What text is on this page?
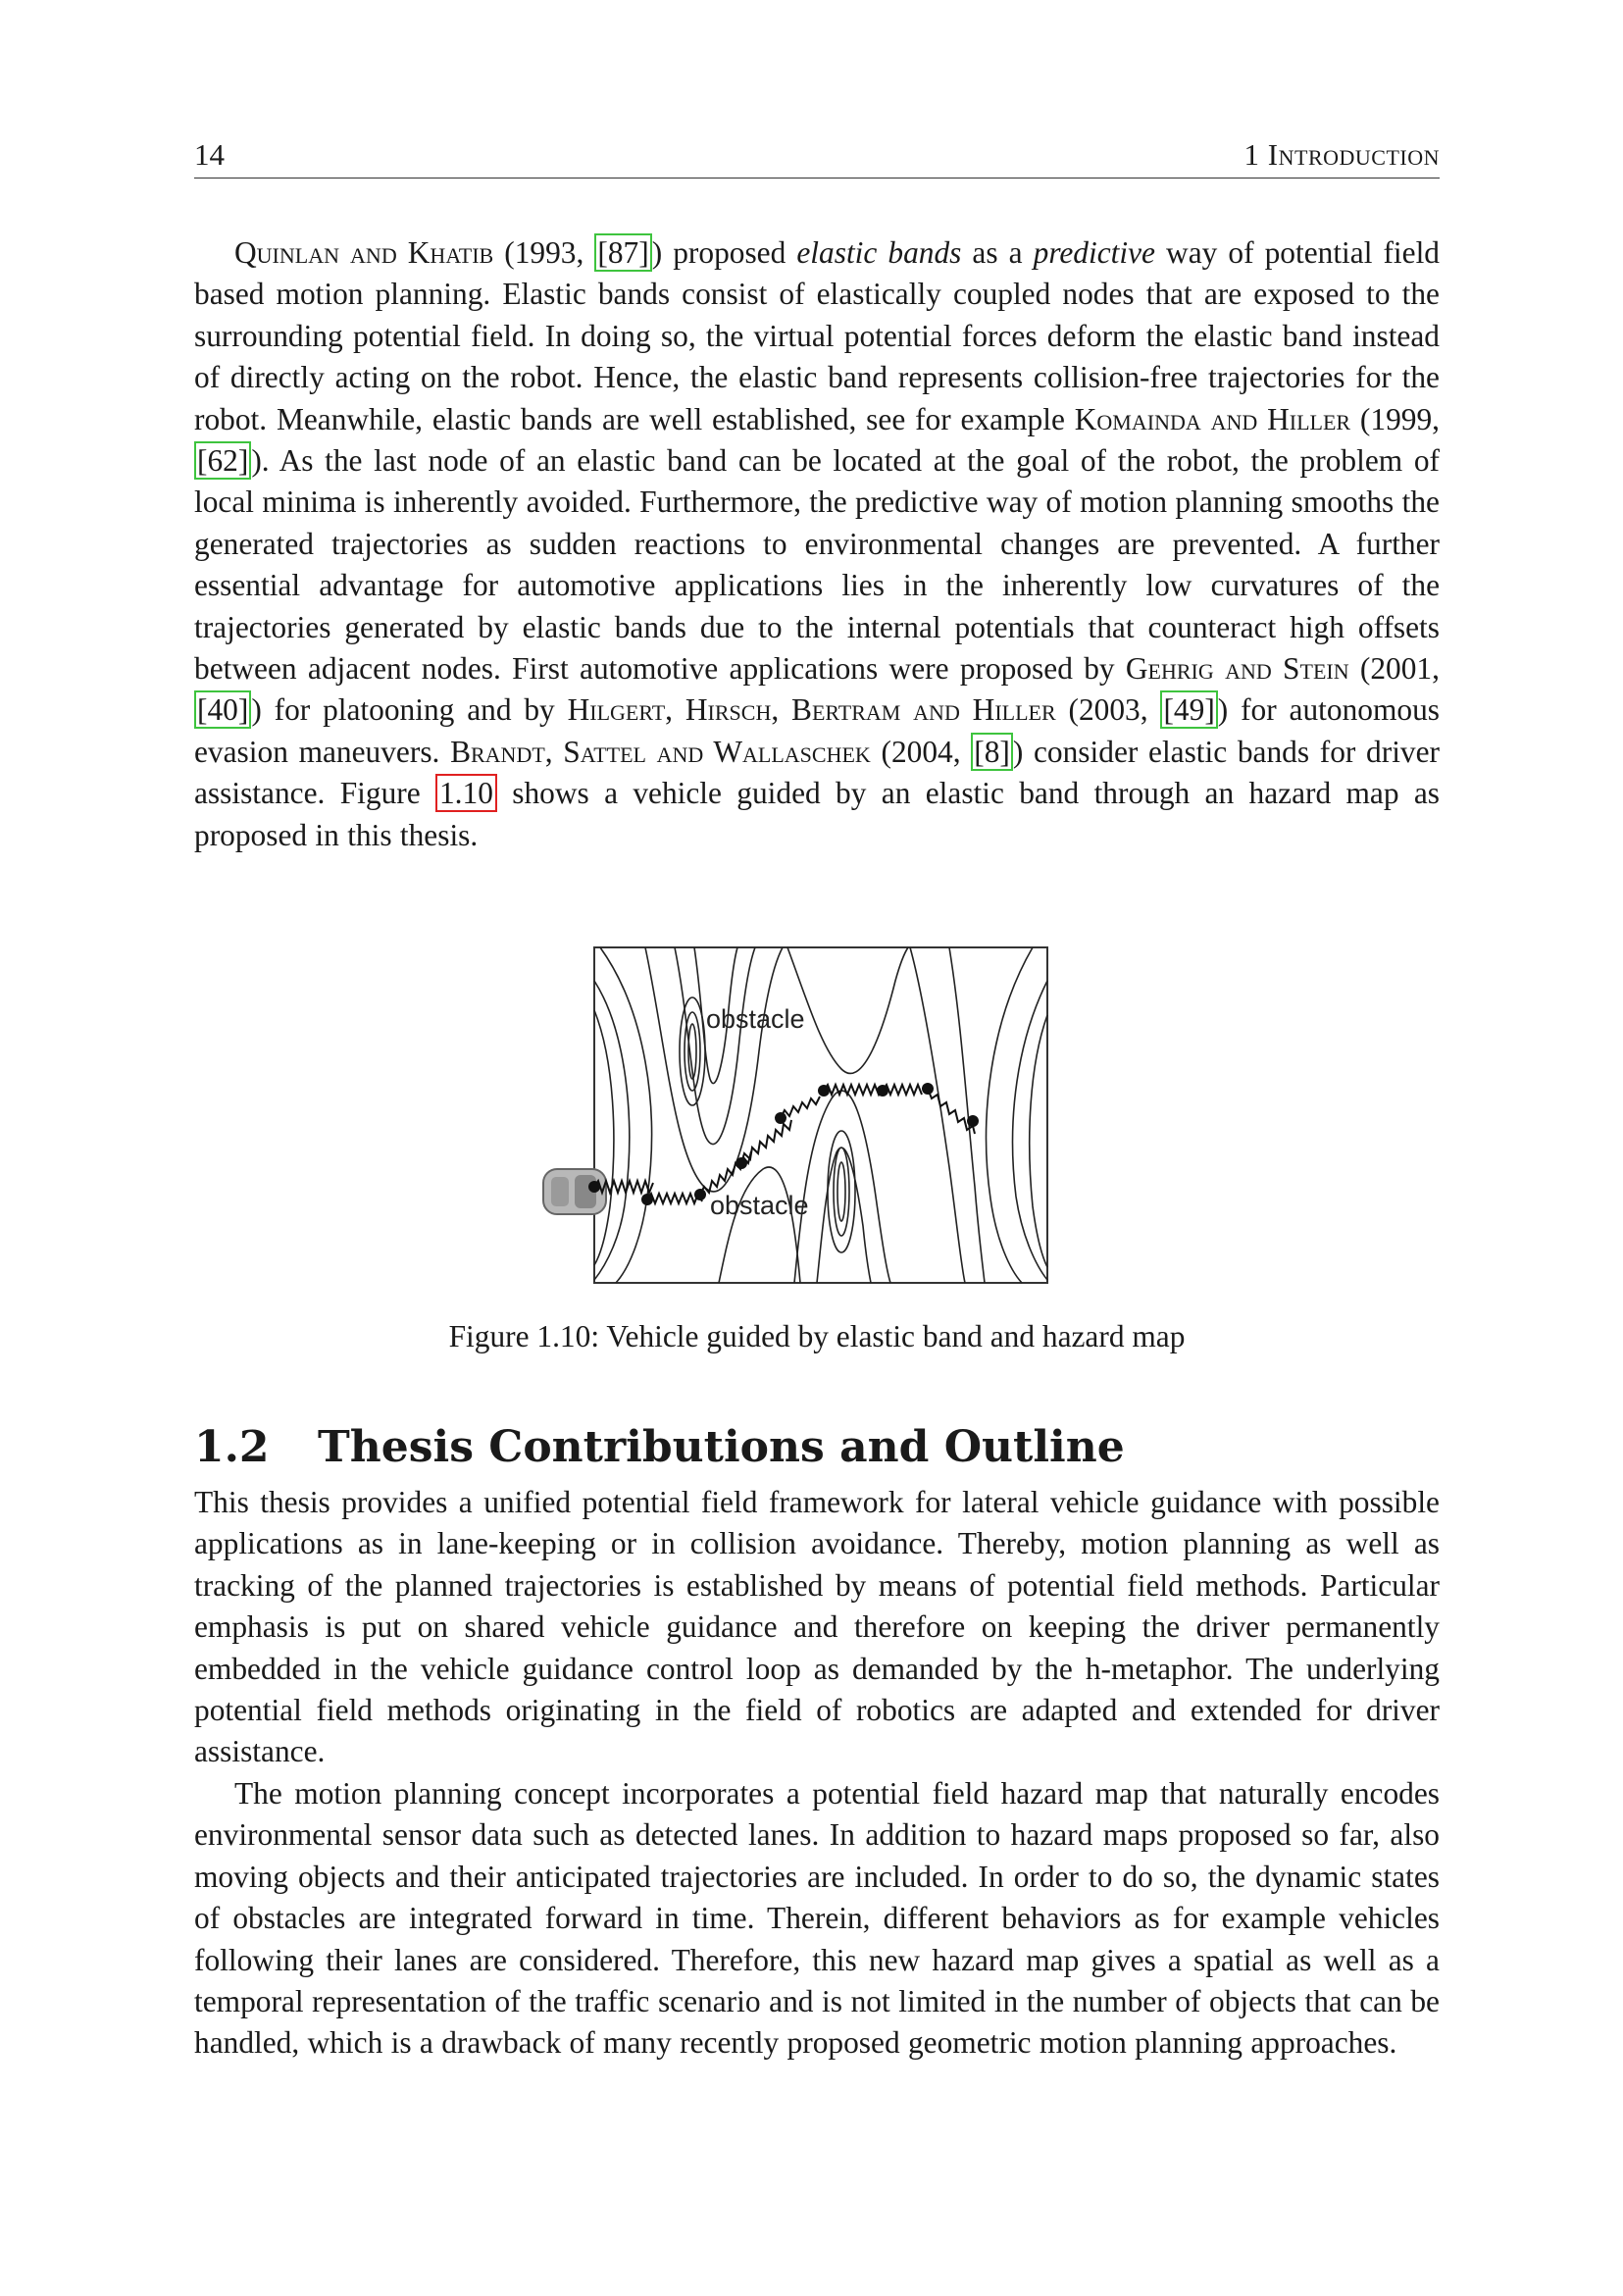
14	1 Introduction

Quinlan and Khatib (1993, [87]) proposed elastic bands as a predictive way of potential field based motion planning. Elastic bands consist of elastically coupled nodes that are exposed to the surrounding potential field. In doing so, the virtual potential forces deform the elastic band instead of directly acting on the robot. Hence, the elastic band represents collision-free trajectories for the robot. Meanwhile, elastic bands are well established, see for example Komainda and Hiller (1999, [62]). As the last node of an elastic band can be located at the goal of the robot, the problem of local minima is inherently avoided. Furthermore, the predictive way of motion planning smooths the generated trajectories as sudden reactions to environmental changes are prevented. A further essential advantage for automotive applications lies in the inherently low curvatures of the trajectories generated by elastic bands due to the internal potentials that counteract high offsets between adjacent nodes. First automotive applications were proposed by Gehrig and Stein (2001, [40]) for platooning and by Hilgert, Hirsch, Bertram and Hiller (2003, [49]) for autonomous evasion maneuvers. Brandt, Sattel and Wallaschek (2004, [8]) consider elastic bands for driver assistance. Figure 1.10 shows a vehicle guided by an elastic band through an hazard map as proposed in this thesis.

obstacle
obstacle
Figure 1.10: Vehicle guided by elastic band and hazard map
1.2 Thesis Contributions and Outline

This thesis provides a unified potential field framework for lateral vehicle guidance with possible applications as in lane-keeping or in collision avoidance. Thereby, motion planning as well as tracking of the planned trajectories is established by means of potential field methods. Particular emphasis is put on shared vehicle guidance and therefore on keeping the driver permanently embedded in the vehicle guidance control loop as demanded by the h-metaphor. The underlying potential field methods originating in the field of robotics are adapted and extended for driver assistance.

The motion planning concept incorporates a potential field hazard map that naturally encodes environmental sensor data such as detected lanes. In addition to hazard maps proposed so far, also moving objects and their anticipated trajectories are included. In order to do so, the dynamic states of obstacles are integrated forward in time. Therein, different behaviors as for example vehicles following their lanes are considered. Therefore, this new hazard map gives a spatial as well as a temporal representation of the traffic scenario and is not limited in the number of objects that can be handled, which is a drawback of many recently proposed geometric motion planning approaches.
